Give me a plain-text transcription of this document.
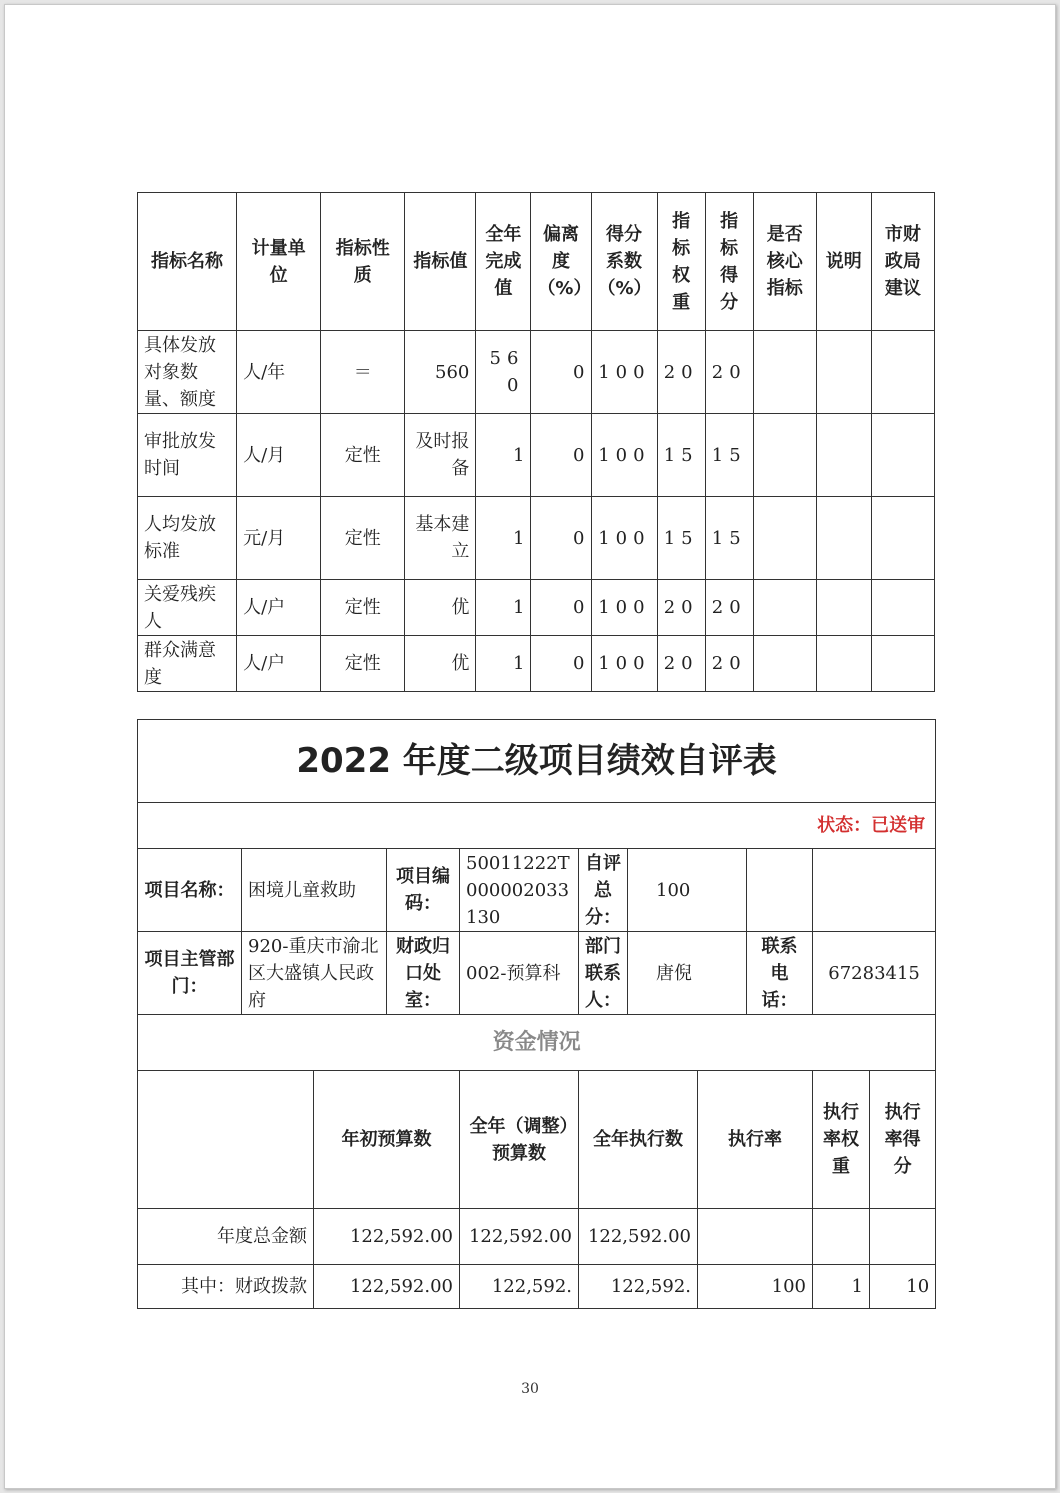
指标名称	计量单位	指标性质	指标值	全年完成值	偏离度（%）	得分系数（%）	指标权重	指标得分	是否核心指标	说明	市财政局建议
具体发放对象数量、额度	人/年	＝	560	560	0	100	20	20			
审批放发时间	人/月	定性	及时报备	1	0	100	15	15			
人均发放标准	元/月	定性	基本建立	1	0	100	15	15			
关爱残疾人	人/户	定性	优	1	0	100	20	20			
群众满意度	人/户	定性	优	1	0	100	20	20			
2022 年度二级项目绩效自评表										
状态：已送审										
项目名称：	困境儿童救助		项目编码：	50011222T000002033130	自评总分：	100				
项目主管部门：	920-重庆市渝北区大盛镇人民政府		财政归口处室：	002-预算科	部门联系人：	唐倪		联系电话：	67283415	
资金情况										
		年初预算数		全年（调整）预算数	全年执行数		执行率		执行率权重	执行率得分
年度总金额		122,592.00		122,592.00	122,592.00					
其中：财政拨款		122,592.00		122,592.	122,592.		100		1	10
30
